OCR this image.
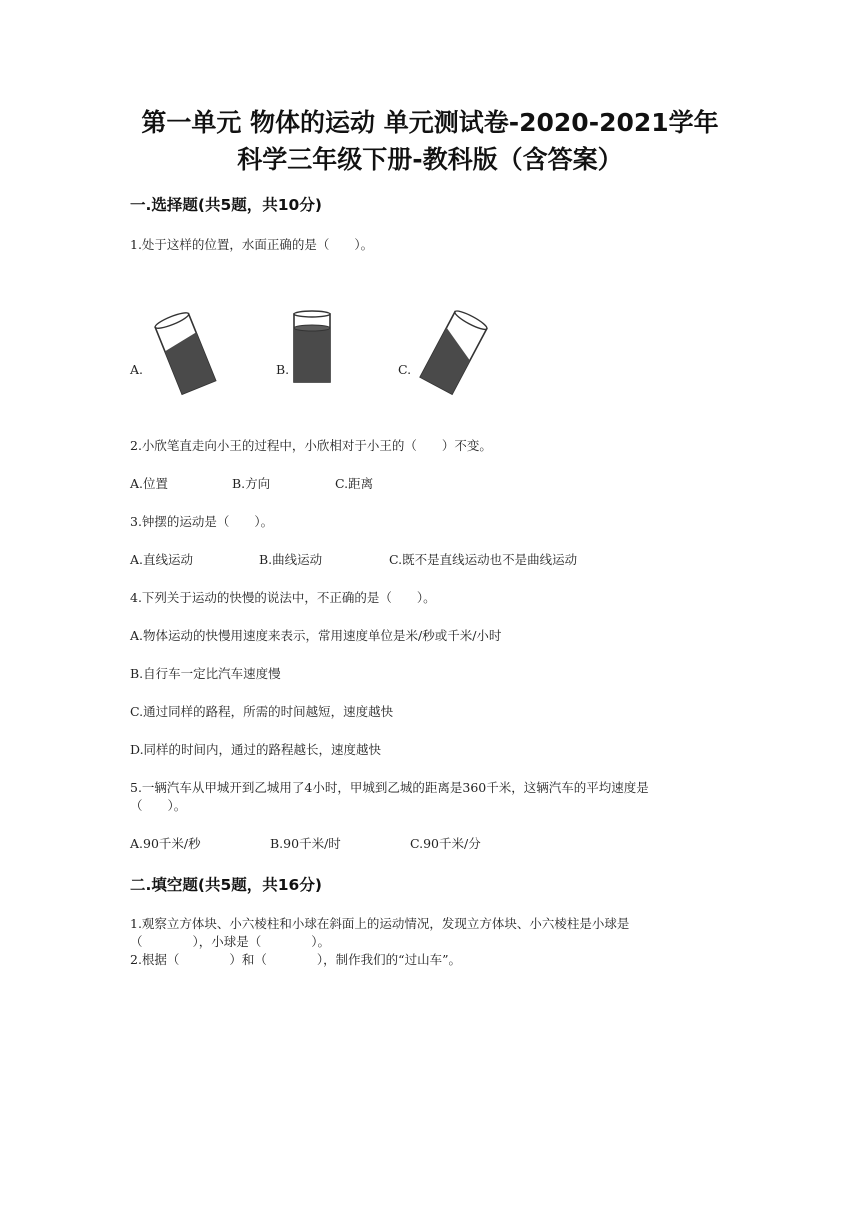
第一单元 物体的运动 单元测试卷-2020-2021学年
科学三年级下册-教科版（含答案）
一.选择题(共5题，共10分)
1.处于这样的位置，水面正确的是（　　）。
A.	B.	C.
2.小欣笔直走向小王的过程中，小欣相对于小王的（　　）不变。
A.位置	B.方向	C.距离
3.钟摆的运动是（　　）。
A.直线运动	B.曲线运动	C.既不是直线运动也不是曲线运动
4.下列关于运动的快慢的说法中，不正确的是（　　）。
A.物体运动的快慢用速度来表示，常用速度单位是米/秒或千米/小时
B.自行车一定比汽车速度慢
C.通过同样的路程，所需的时间越短，速度越快
D.同样的时间内，通过的路程越长，速度越快
5.一辆汽车从甲城开到乙城用了4小时，甲城到乙城的距离是360千米，这辆汽车的平均速度是
（　　）。
A.90千米/秒	B.90千米/时	C.90千米/分
二.填空题(共5题，共16分)
1.观察立方体块、小六棱柱和小球在斜面上的运动情况，发现立方体块、小六棱柱是小球是
（　　　　），小球是（　　　　）。
2.根据（　　　　）和（　　　　），制作我们的“过山车”。
